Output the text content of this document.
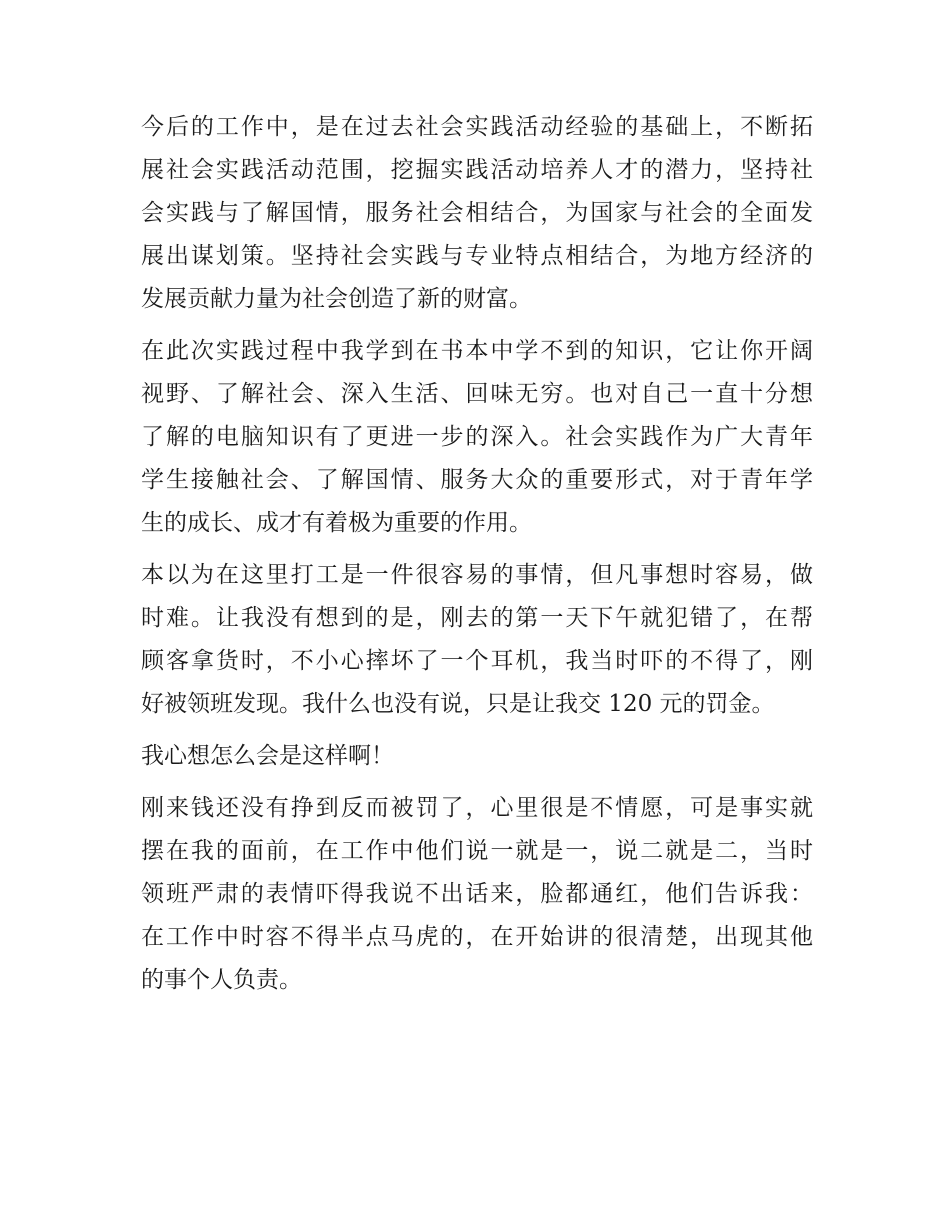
今后的工作中，是在过去社会实践活动经验的基础上，不断拓
展社会实践活动范围，挖掘实践活动培养人才的潜力，坚持社
会实践与了解国情，服务社会相结合，为国家与社会的全面发
展出谋划策。坚持社会实践与专业特点相结合，为地方经济的
发展贡献力量为社会创造了新的财富。
在此次实践过程中我学到在书本中学不到的知识，它让你开阔
视野、了解社会、深入生活、回味无穷。也对自己一直十分想
了解的电脑知识有了更进一步的深入。社会实践作为广大青年
学生接触社会、了解国情、服务大众的重要形式，对于青年学
生的成长、成才有着极为重要的作用。
本以为在这里打工是一件很容易的事情，但凡事想时容易，做
时难。让我没有想到的是，刚去的第一天下午就犯错了，在帮
顾客拿货时，不小心摔坏了一个耳机，我当时吓的不得了，刚
好被领班发现。我什么也没有说，只是让我交 120 元的罚金。
我心想怎么会是这样啊！
刚来钱还没有挣到反而被罚了，心里很是不情愿，可是事实就
摆在我的面前，在工作中他们说一就是一，说二就是二，当时
领班严肃的表情吓得我说不出话来，脸都通红，他们告诉我：
在工作中时容不得半点马虎的，在开始讲的很清楚，出现其他
的事个人负责。
